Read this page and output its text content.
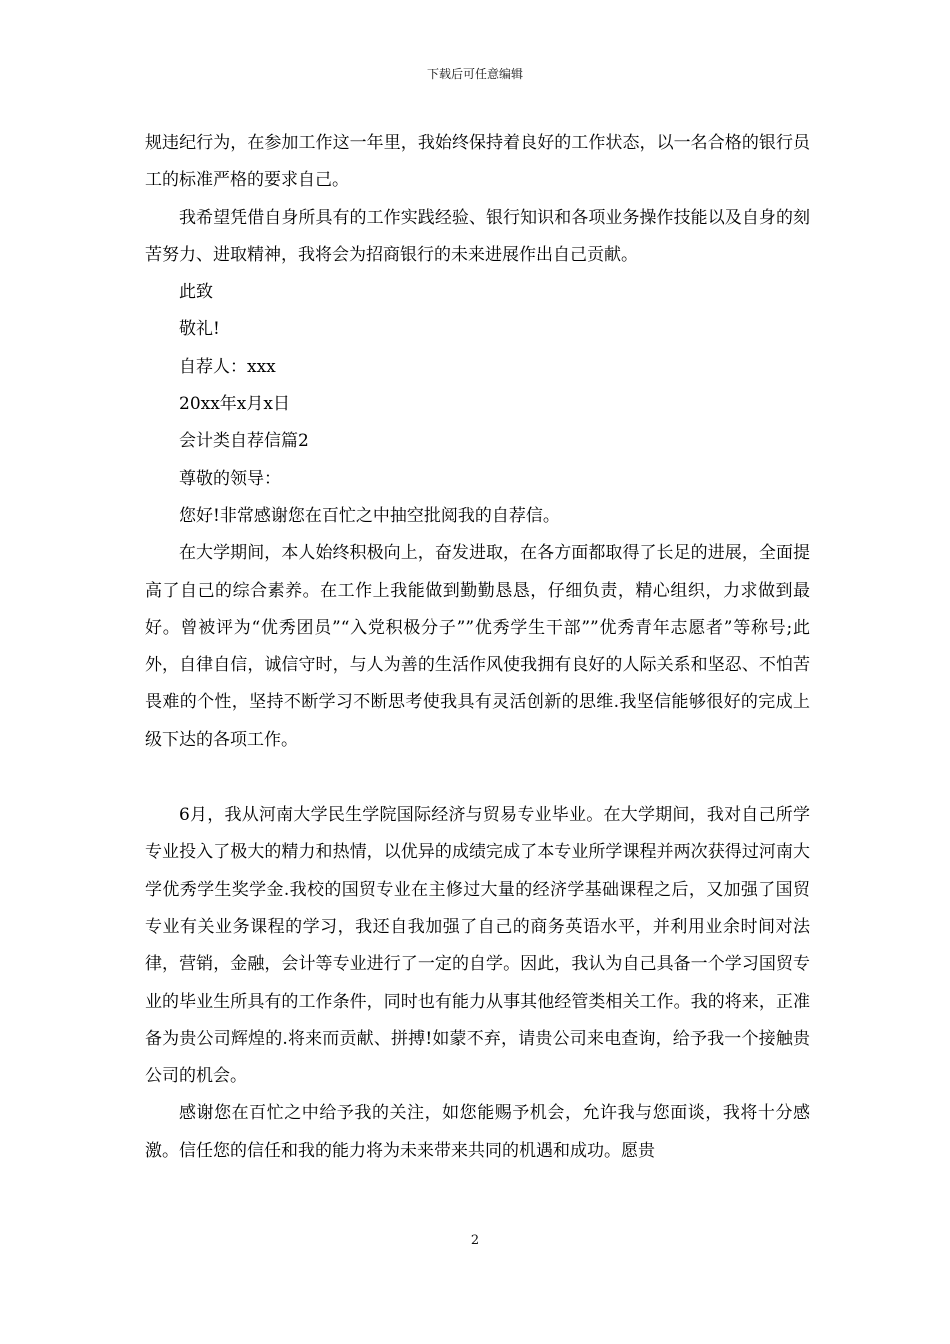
下载后可任意编辑

规违纪行为，在参加工作这一年里，我始终保持着良好的工作状态，以一名合格的银行员工的标准严格的要求自己。

我希望凭借自身所具有的工作实践经验、银行知识和各项业务操作技能以及自身的刻苦努力、进取精神，我将会为招商银行的未来进展作出自己贡献。

此致

敬礼!

自荐人：xxx

20xx年x月x日

会计类自荐信篇2

尊敬的领导：

您好!非常感谢您在百忙之中抽空批阅我的自荐信。

在大学期间，本人始终积极向上，奋发进取，在各方面都取得了长足的进展，全面提高了自己的综合素养。在工作上我能做到勤勤恳恳，仔细负责，精心组织，力求做到最好。曾被评为“优秀团员”“入党积极分子””优秀学生干部””优秀青年志愿者”等称号;此外，自律自信，诚信守时，与人为善的生活作风使我拥有良好的人际关系和坚忍、不怕苦畏难的个性，坚持不断学习不断思考使我具有灵活创新的思维.我坚信能够很好的完成上级下达的各项工作。

6月，我从河南大学民生学院国际经济与贸易专业毕业。在大学期间，我对自己所学专业投入了极大的精力和热情，以优异的成绩完成了本专业所学课程并两次获得过河南大学优秀学生奖学金.我校的国贸专业在主修过大量的经济学基础课程之后，又加强了国贸专业有关业务课程的学习，我还自我加强了自己的商务英语水平，并利用业余时间对法律，营销，金融，会计等专业进行了一定的自学。因此，我认为自己具备一个学习国贸专业的毕业生所具有的工作条件，同时也有能力从事其他经管类相关工作。我的将来，正准备为贵公司辉煌的.将来而贡献、拼搏!如蒙不弃，请贵公司来电查询，给予我一个接触贵公司的机会。

感谢您在百忙之中给予我的关注，如您能赐予机会，允许我与您面谈，我将十分感激。信任您的信任和我的能力将为未来带来共同的机遇和成功。愿贵

2
